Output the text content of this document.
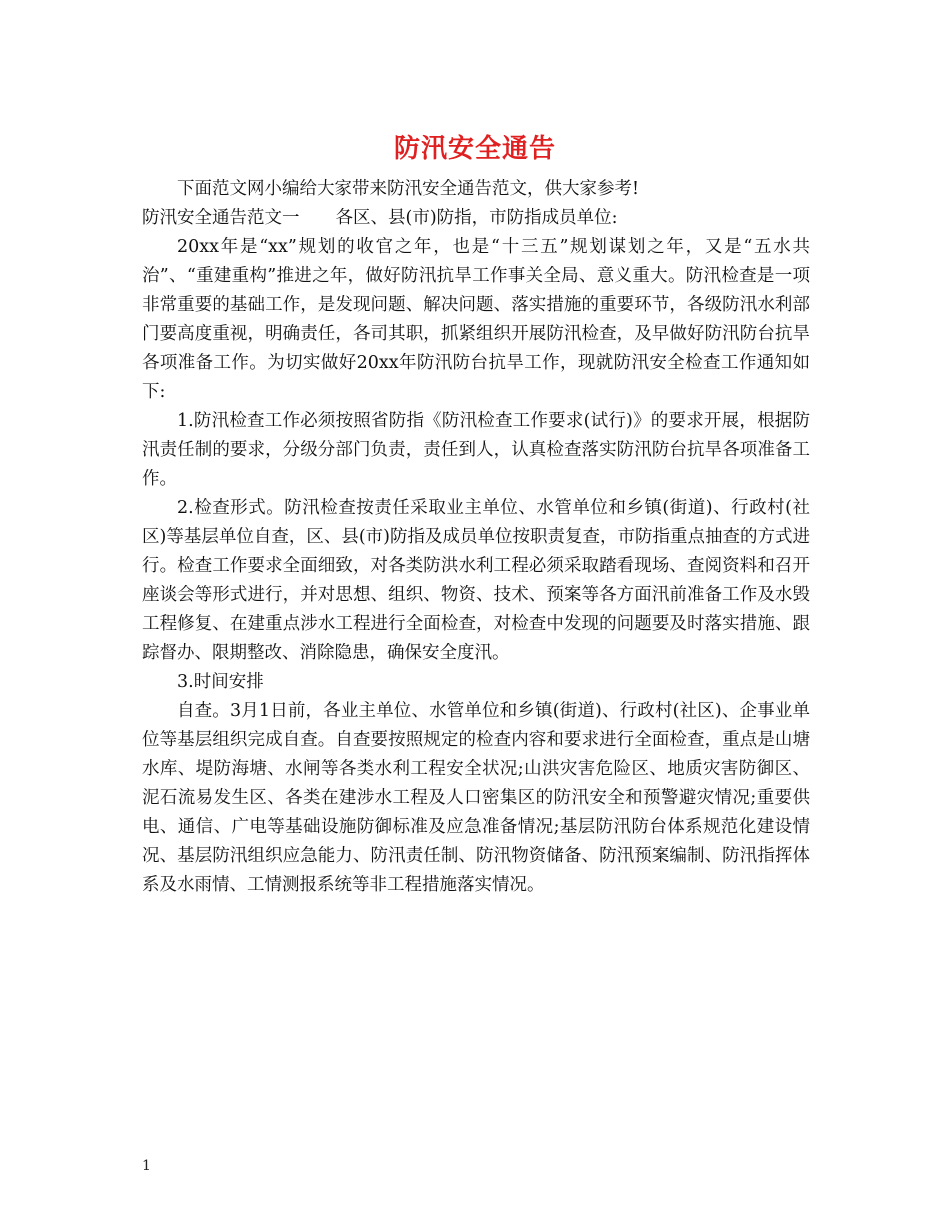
防汛安全通告

下面范文网小编给大家带来防汛安全通告范文，供大家参考!

防汛安全通告范文一 各区、县(市)防指，市防指成员单位:

20xx年是“xx”规划的收官之年，也是“十三五”规划谋划之年，又是“五水共治”、“重建重构”推进之年，做好防汛抗旱工作事关全局、意义重大。防汛检查是一项非常重要的基础工作，是发现问题、解决问题、落实措施的重要环节，各级防汛水利部门要高度重视，明确责任，各司其职，抓紧组织开展防汛检查，及早做好防汛防台抗旱各项准备工作。为切实做好20xx年防汛防台抗旱工作，现就防汛安全检查工作通知如下:

1.防汛检查工作必须按照省防指《防汛检查工作要求(试行)》的要求开展，根据防汛责任制的要求，分级分部门负责，责任到人，认真检查落实防汛防台抗旱各项准备工作。

2.检查形式。防汛检查按责任采取业主单位、水管单位和乡镇(街道)、行政村(社区)等基层单位自查，区、县(市)防指及成员单位按职责复查，市防指重点抽查的方式进行。检查工作要求全面细致，对各类防洪水利工程必须采取踏看现场、查阅资料和召开座谈会等形式进行，并对思想、组织、物资、技术、预案等各方面汛前准备工作及水毁工程修复、在建重点涉水工程进行全面检查，对检查中发现的问题要及时落实措施、跟踪督办、限期整改、消除隐患，确保安全度汛。

3.时间安排

自查。3月1日前，各业主单位、水管单位和乡镇(街道)、行政村(社区)、企事业单位等基层组织完成自查。自查要按照规定的检查内容和要求进行全面检查，重点是山塘水库、堤防海塘、水闸等各类水利工程安全状况;山洪灾害危险区、地质灾害防御区、泥石流易发生区、各类在建涉水工程及人口密集区的防汛安全和预警避灾情况;重要供电、通信、广电等基础设施防御标准及应急准备情况;基层防汛防台体系规范化建设情况、基层防汛组织应急能力、防汛责任制、防汛物资储备、防汛预案编制、防汛指挥体系及水雨情、工情测报系统等非工程措施落实情况。

1
